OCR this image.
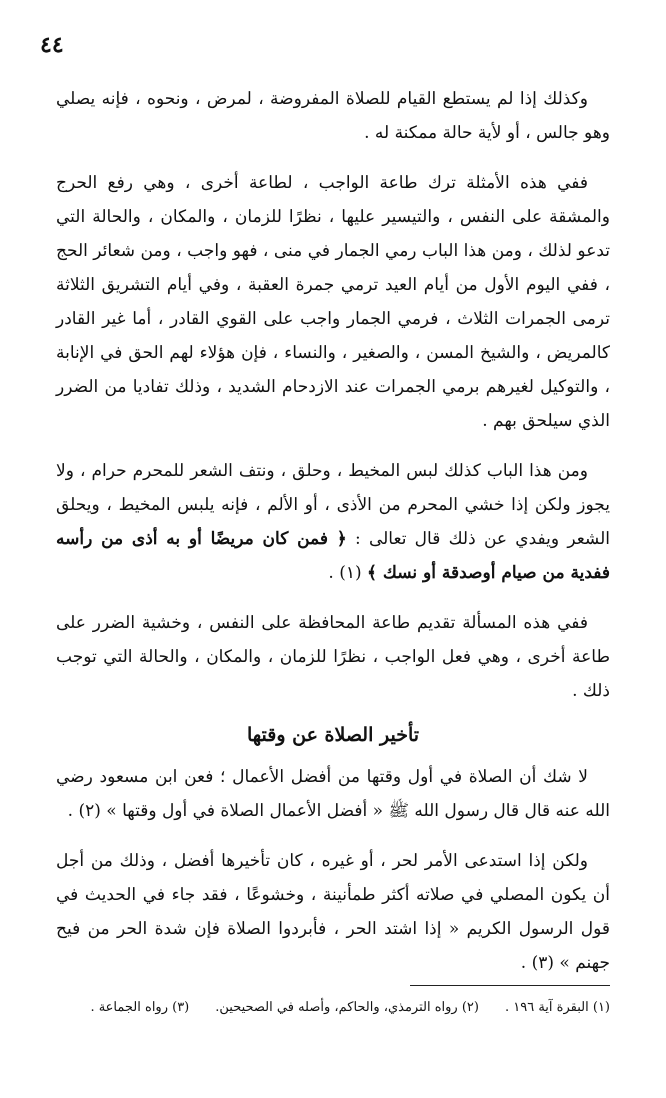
٤٤

وكذلك إذا لم يستطع القيام للصلاة المفروضة ، لمرض ، ونحوه ، فإنه يصلي وهو جالس ، أو لأية حالة ممكنة له .

ففي هذه الأمثلة ترك طاعة الواجب ، لطاعة أخرى ، وهي رفع الحرج والمشقة على النفس ، والتيسير عليها ، نظرًا للزمان ، والمكان ، والحالة التي تدعو لذلك ، ومن هذا الباب رمي الجمار في منى ، فهو واجب ، ومن شعائر الحج ، ففي اليوم الأول من أيام العيد ترمي جمرة العقبة ، وفي أيام التشريق الثلاثة ترمى الجمرات الثلاث ، فرمي الجمار واجب على القوي القادر ، أما غير القادر كالمريض ، والشيخ المسن ، والصغير ، والنساء ، فإن هؤلاء لهم الحق في الإنابة ، والتوكيل لغيرهم برمي الجمرات عند الازدحام الشديد ، وذلك تفاديا من الضرر الذي سيلحق بهم .

ومن هذا الباب كذلك لبس المخيط ، وحلق ، ونتف الشعر للمحرم حرام ، ولا يجوز ولكن إذا خشي المحرم من الأذى ، أو الألم ، فإنه يلبس المخيط ، ويحلق الشعر ويفدي عن ذلك قال تعالى : ﴿ فمن كان مريضًا أو به أذى من رأسه ففدية من صيام أوصدقة أو نسك ﴾ (١) .

ففي هذه المسألة تقديم طاعة المحافظة على النفس ، وخشية الضرر على طاعة أخرى ، وهي فعل الواجب ، نظرًا للزمان ، والمكان ، والحالة التي توجب ذلك .

تأخير الصلاة عن وقتها

لا شك أن الصلاة في أول وقتها من أفضل الأعمال ؛ فعن ابن مسعود رضي الله عنه قال قال رسول الله ﷺ « أفضل الأعمال الصلاة في أول وقتها » (٢) .

ولكن إذا استدعى الأمر لحر ، أو غيره ، كان تأخيرها أفضل ، وذلك من أجل أن يكون المصلي في صلاته أكثر طمأنينة ، وخشوعًا ، فقد جاء في الحديث في قول الرسول الكريم « إذا اشتد الحر ، فأبردوا الصلاة فإن شدة الحر من فيح جهنم » (٣) .

(١) البقرة آية ١٩٦ .
(٢) رواه الترمذي، والحاكم، وأصله في الصحيحين.
(٣) رواه الجماعة .
